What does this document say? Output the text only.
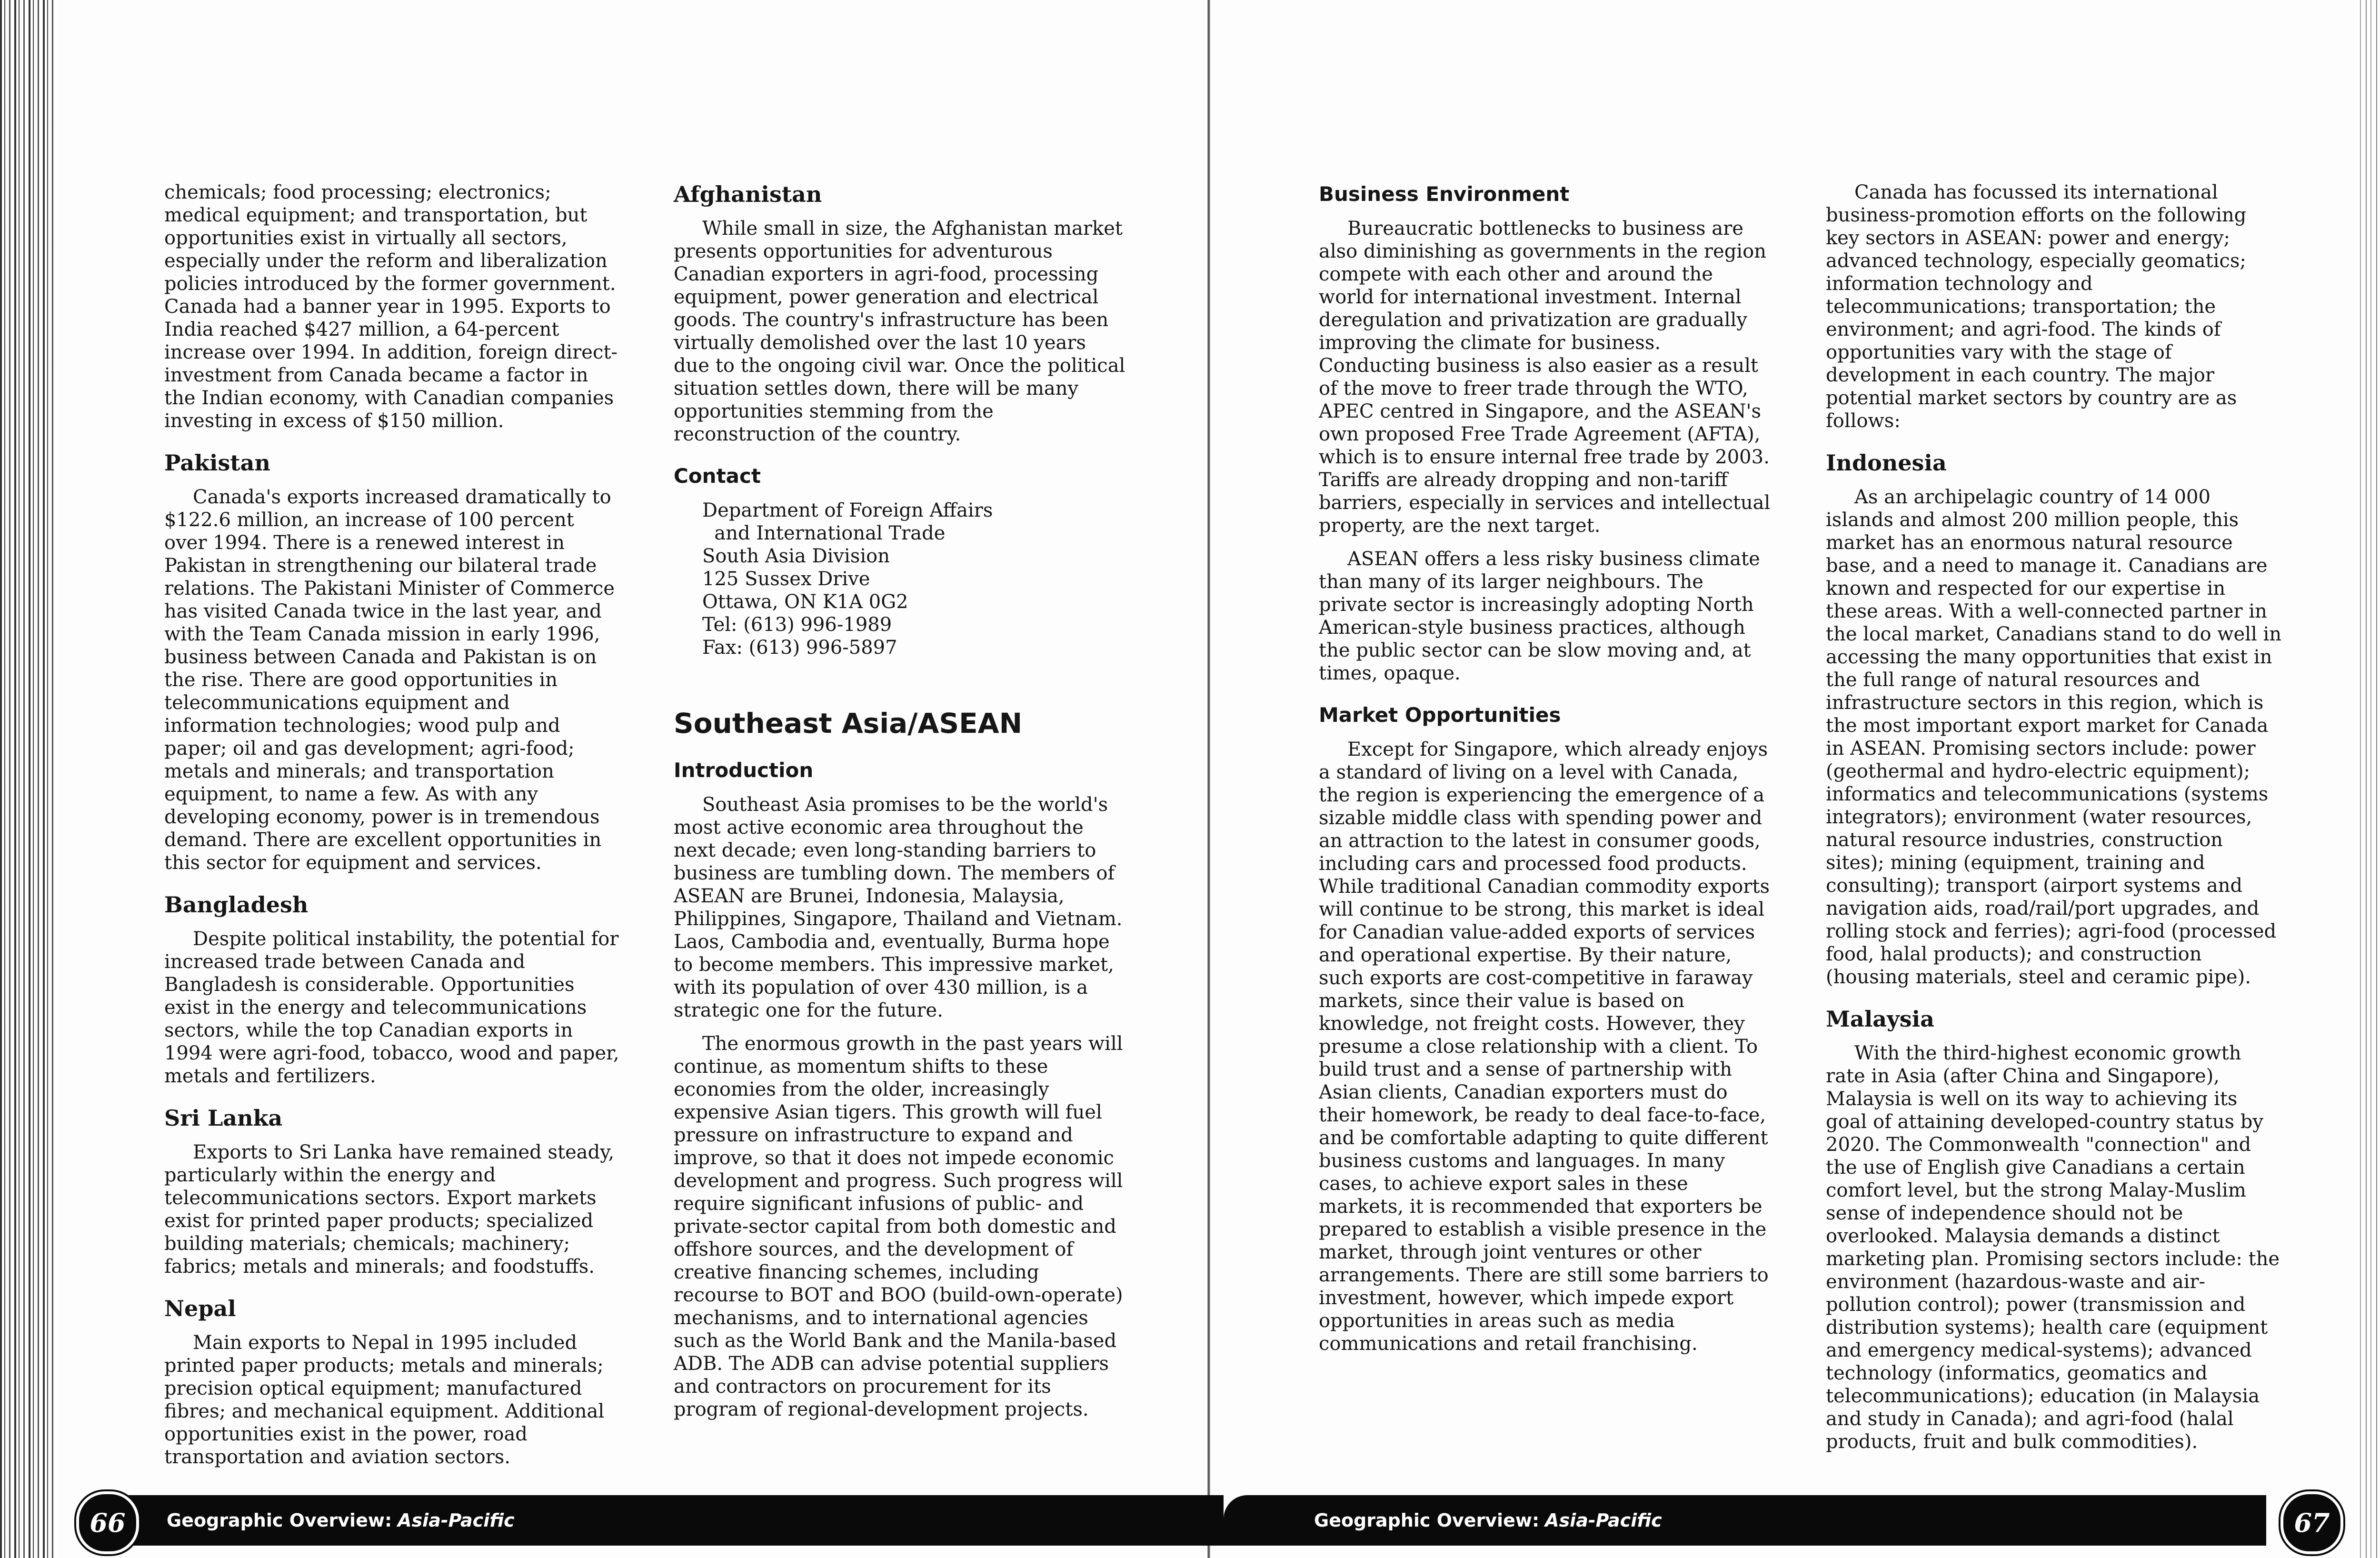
chemicals; food processing; electronics; medical equipment; and transportation, but opportunities exist in virtually all sectors, especially under the reform and liberalization policies introduced by the former government. Canada had a banner year in 1995. Exports to India reached $427 million, a 64-percent increase over 1994. In addition, foreign direct-investment from Canada became a factor in the Indian economy, with Canadian companies investing in excess of $150 million.

Pakistan

Canada's exports increased dramatically to $122.6 million, an increase of 100 percent over 1994. There is a renewed interest in Pakistan in strengthening our bilateral trade relations. The Pakistani Minister of Commerce has visited Canada twice in the last year, and with the Team Canada mission in early 1996, business between Canada and Pakistan is on the rise. There are good opportunities in telecommunications equipment and information technologies; wood pulp and paper; oil and gas development; agri-food; metals and minerals; and transportation equipment, to name a few. As with any developing economy, power is in tremendous demand. There are excellent opportunities in this sector for equipment and services.

Bangladesh

Despite political instability, the potential for increased trade between Canada and Bangladesh is considerable. Opportunities exist in the energy and telecommunications sectors, while the top Canadian exports in 1994 were agri-food, tobacco, wood and paper, metals and fertilizers.

Sri Lanka

Exports to Sri Lanka have remained steady, particularly within the energy and telecommunications sectors. Export markets exist for printed paper products; specialized building materials; chemicals; machinery; fabrics; metals and minerals; and foodstuffs.

Nepal

Main exports to Nepal in 1995 included printed paper products; metals and minerals; precision optical equipment; manufactured fibres; and mechanical equipment. Additional opportunities exist in the power, road transportation and aviation sectors.

Afghanistan

While small in size, the Afghanistan market presents opportunities for adventurous Canadian exporters in agri-food, processing equipment, power generation and electrical goods. The country's infrastructure has been virtually demolished over the last 10 years due to the ongoing civil war. Once the political situation settles down, there will be many opportunities stemming from the reconstruction of the country.

Contact
Department of Foreign Affairs
and International Trade
South Asia Division
125 Sussex Drive
Ottawa, ON K1A 0G2
Tel: (613) 996-1989
Fax: (613) 996-5897
Southeast Asia/ASEAN
Introduction

Southeast Asia promises to be the world's most active economic area throughout the next decade; even long-standing barriers to business are tumbling down. The members of ASEAN are Brunei, Indonesia, Malaysia, Philippines, Singapore, Thailand and Vietnam. Laos, Cambodia and, eventually, Burma hope to become members. This impressive market, with its population of over 430 million, is a strategic one for the future.

The enormous growth in the past years will continue, as momentum shifts to these economies from the older, increasingly expensive Asian tigers. This growth will fuel pressure on infrastructure to expand and improve, so that it does not impede economic development and progress. Such progress will require significant infusions of public- and private-sector capital from both domestic and offshore sources, and the development of creative financing schemes, including recourse to BOT and BOO (build-own-operate) mechanisms, and to international agencies such as the World Bank and the Manila-based ADB. The ADB can advise potential suppliers and contractors on procurement for its program of regional-development projects.

Business Environment

Bureaucratic bottlenecks to business are also diminishing as governments in the region compete with each other and around the world for international investment. Internal deregulation and privatization are gradually improving the climate for business. Conducting business is also easier as a result of the move to freer trade through the WTO, APEC centred in Singapore, and the ASEAN's own proposed Free Trade Agreement (AFTA), which is to ensure internal free trade by 2003. Tariffs are already dropping and non-tariff barriers, especially in services and intellectual property, are the next target.

ASEAN offers a less risky business climate than many of its larger neighbours. The private sector is increasingly adopting North American-style business practices, although the public sector can be slow moving and, at times, opaque.

Market Opportunities

Except for Singapore, which already enjoys a standard of living on a level with Canada, the region is experiencing the emergence of a sizable middle class with spending power and an attraction to the latest in consumer goods, including cars and processed food products. While traditional Canadian commodity exports will continue to be strong, this market is ideal for Canadian value-added exports of services and operational expertise. By their nature, such exports are cost-competitive in faraway markets, since their value is based on knowledge, not freight costs. However, they presume a close relationship with a client. To build trust and a sense of partnership with Asian clients, Canadian exporters must do their homework, be ready to deal face-to-face, and be comfortable adapting to quite different business customs and languages. In many cases, to achieve export sales in these markets, it is recommended that exporters be prepared to establish a visible presence in the market, through joint ventures or other arrangements. There are still some barriers to investment, however, which impede export opportunities in areas such as media communications and retail franchising.

Canada has focussed its international business-promotion efforts on the following key sectors in ASEAN: power and energy; advanced technology, especially geomatics; information technology and telecommunications; transportation; the environment; and agri-food. The kinds of opportunities vary with the stage of development in each country. The major potential market sectors by country are as follows:

Indonesia

As an archipelagic country of 14 000 islands and almost 200 million people, this market has an enormous natural resource base, and a need to manage it. Canadians are known and respected for our expertise in these areas. With a well-connected partner in the local market, Canadians stand to do well in accessing the many opportunities that exist in the full range of natural resources and infrastructure sectors in this region, which is the most important export market for Canada in ASEAN. Promising sectors include: power (geothermal and hydro-electric equipment); informatics and telecommunications (systems integrators); environment (water resources, natural resource industries, construction sites); mining (equipment, training and consulting); transport (airport systems and navigation aids, road/rail/port upgrades, and rolling stock and ferries); agri-food (processed food, halal products); and construction (housing materials, steel and ceramic pipe).

Malaysia

With the third-highest economic growth rate in Asia (after China and Singapore), Malaysia is well on its way to achieving its goal of attaining developed-country status by 2020. The Commonwealth "connection" and the use of English give Canadians a certain comfort level, but the strong Malay-Muslim sense of independence should not be overlooked. Malaysia demands a distinct marketing plan. Promising sectors include: the environment (hazardous-waste and air-pollution control); power (transmission and distribution systems); health care (equipment and emergency medical-systems); advanced technology (informatics, geomatics and telecommunications); education (in Malaysia and study in Canada); and agri-food (halal products, fruit and bulk commodities).

Geographic Overview: Asia-Pacific
66	Geographic Overview: Asia-Pacific	67
